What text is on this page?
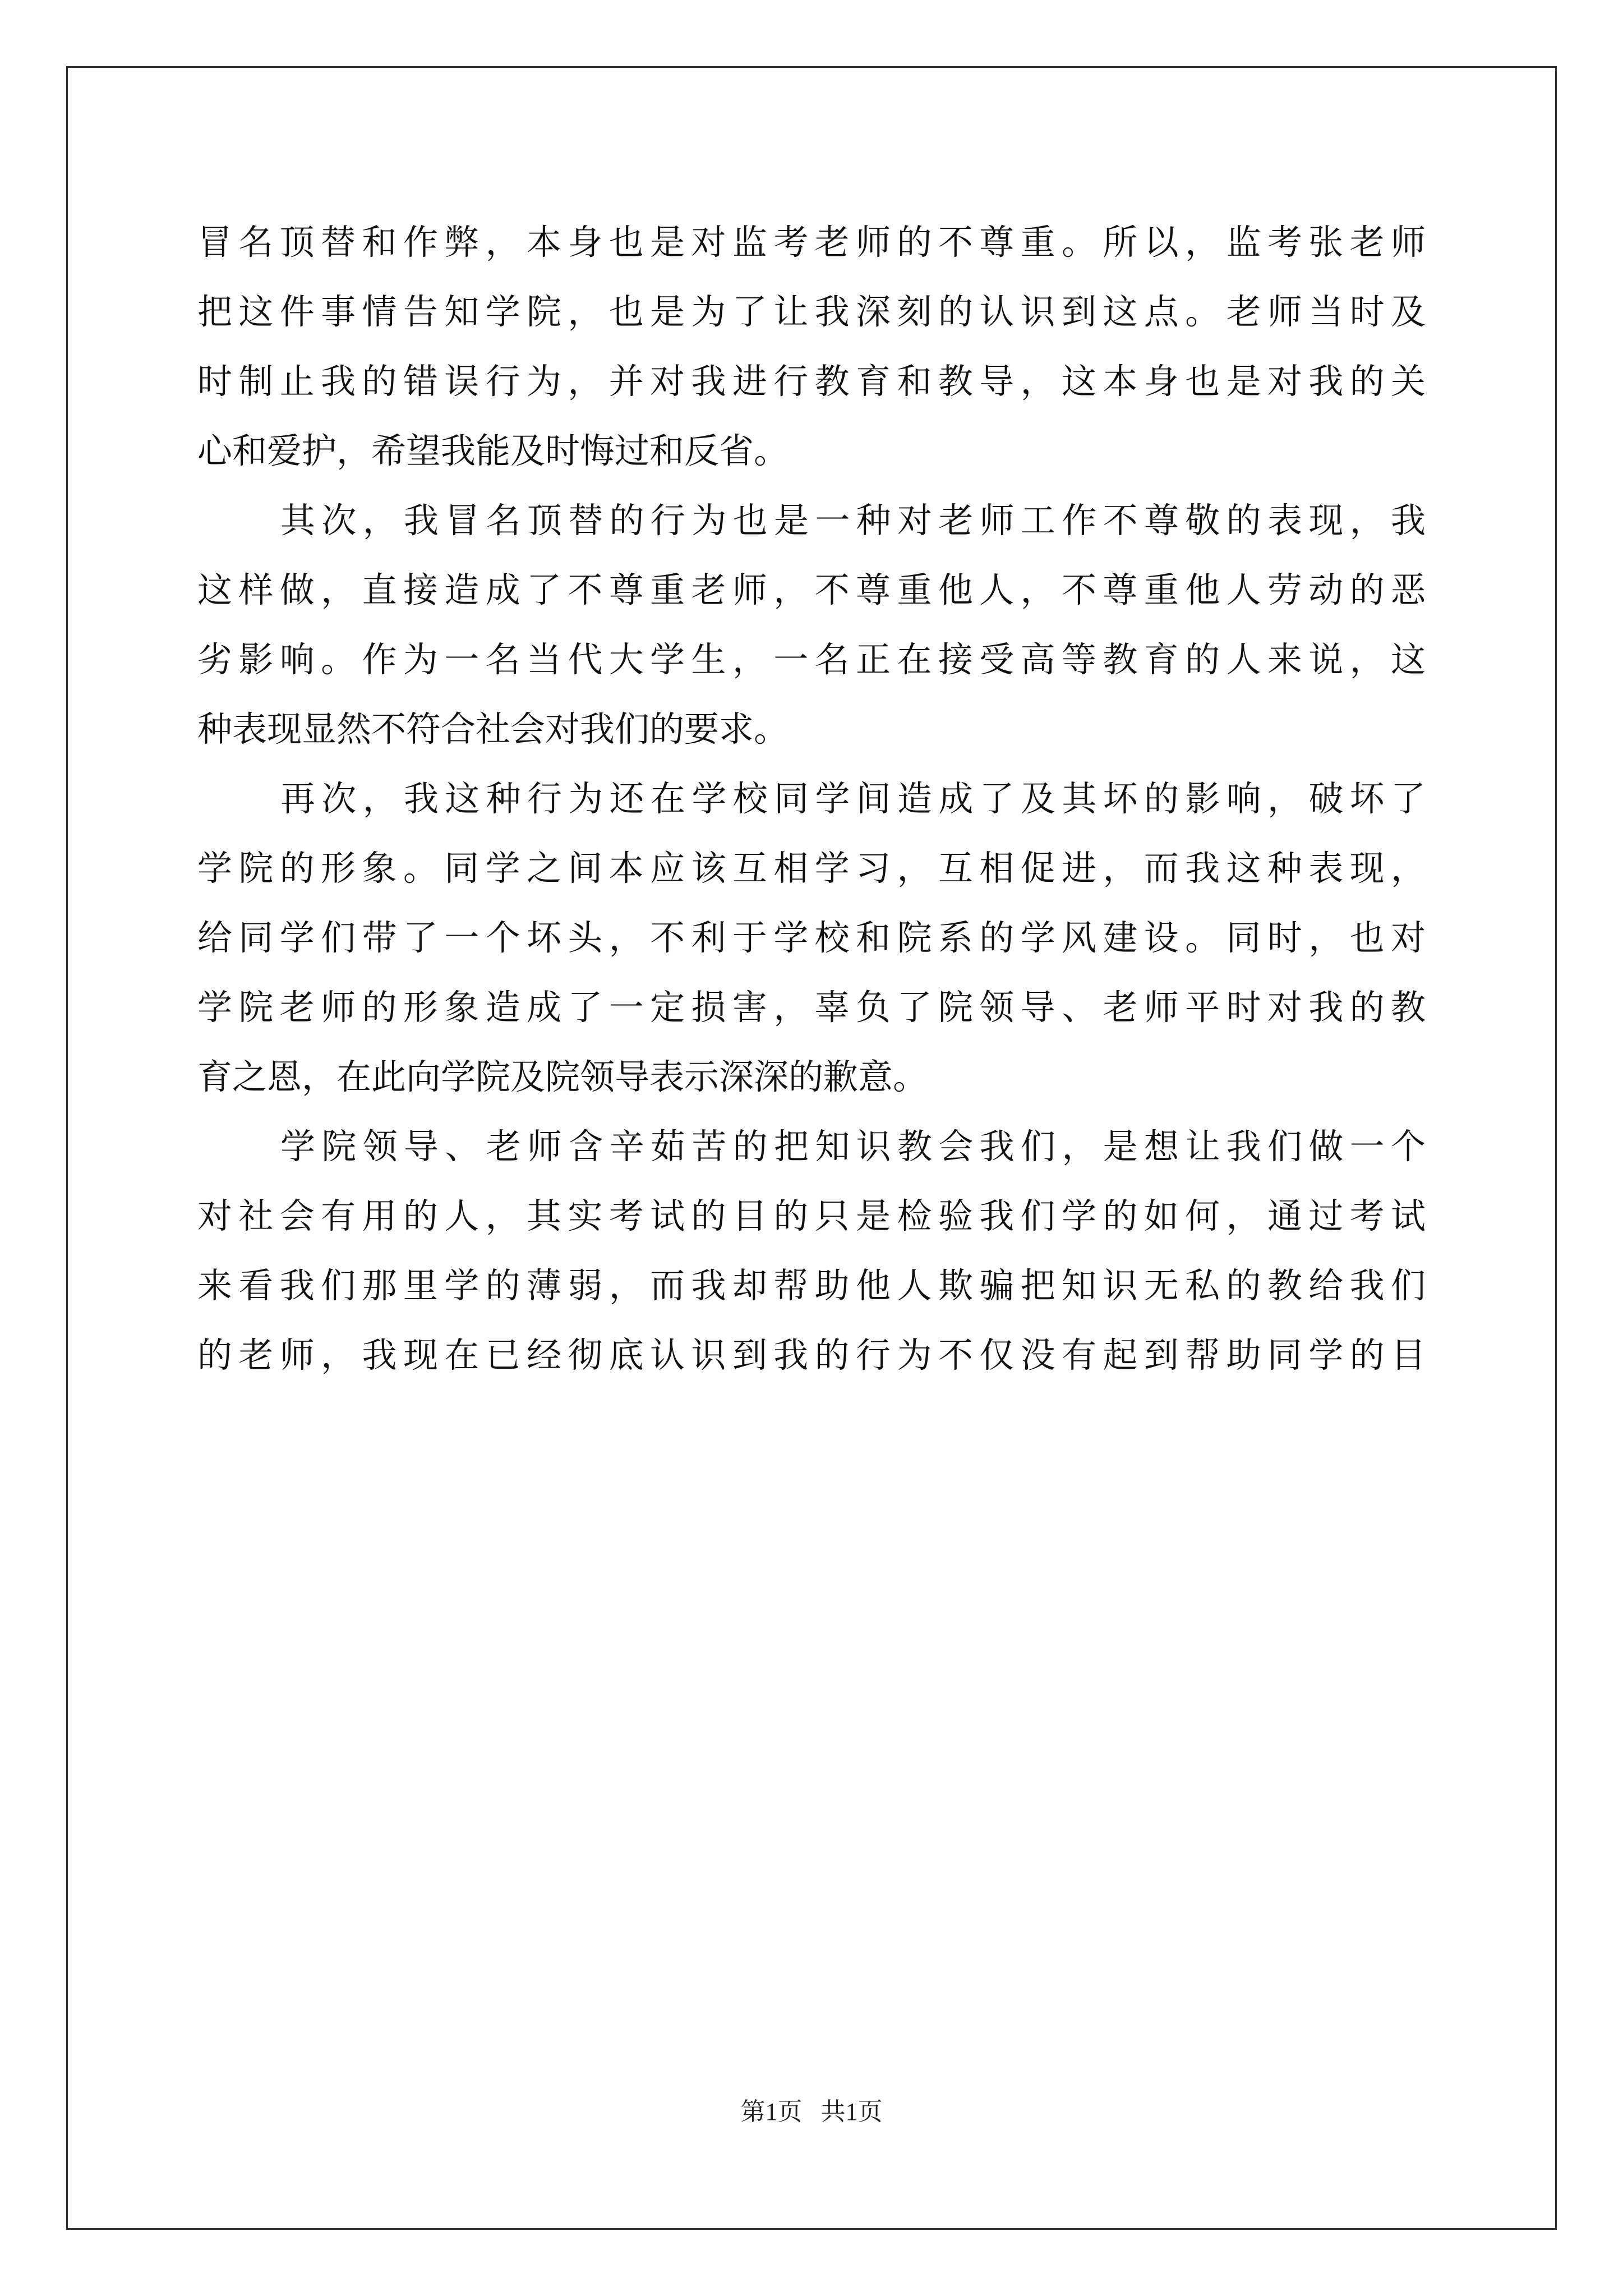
冒名顶替和作弊，本身也是对监考老师的不尊重。所以，监考张老师
把这件事情告知学院，也是为了让我深刻的认识到这点。老师当时及
时制止我的错误行为，并对我进行教育和教导，这本身也是对我的关
心和爱护，希望我能及时悔过和反省。
其次，我冒名顶替的行为也是一种对老师工作不尊敬的表现，我
这样做，直接造成了不尊重老师，不尊重他人，不尊重他人劳动的恶
劣影响。作为一名当代大学生，一名正在接受高等教育的人来说，这
种表现显然不符合社会对我们的要求。
再次，我这种行为还在学校同学间造成了及其坏的影响，破坏了
学院的形象。同学之间本应该互相学习，互相促进，而我这种表现，
给同学们带了一个坏头，不利于学校和院系的学风建设。同时，也对
学院老师的形象造成了一定损害，辜负了院领导、老师平时对我的教
育之恩，在此向学院及院领导表示深深的歉意。
学院领导、老师含辛茹苦的把知识教会我们，是想让我们做一个
对社会有用的人，其实考试的目的只是检验我们学的如何，通过考试
来看我们那里学的薄弱，而我却帮助他人欺骗把知识无私的教给我们
的老师，我现在已经彻底认识到我的行为不仅没有起到帮助同学的目
第1页 共1页
